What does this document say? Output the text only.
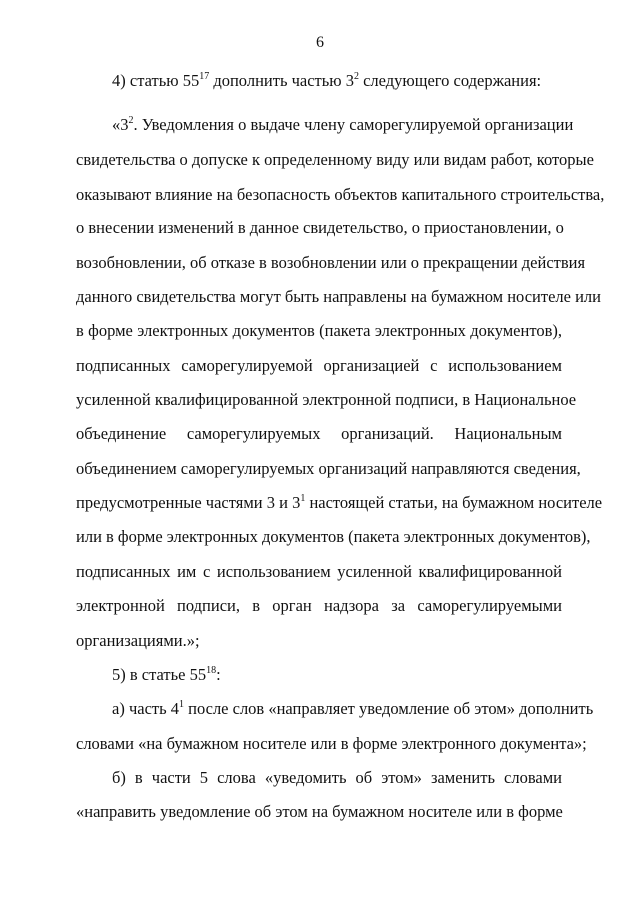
6
4) статью $55^{17}$ дополнить частью $3^2$ следующего содержания:
«$3^2$. Уведомления о выдаче члену саморегулируемой организации
свидетельства о допуске к определенному виду или видам работ, которые
оказывают влияние на безопасность объектов капитального строительства,
о внесении изменений в данное свидетельство, о приостановлении, о
возобновлении, об отказе в возобновлении или о прекращении действия
данного свидетельства могут быть направлены на бумажном носителе или
в форме электронных документов (пакета электронных документов),
подписанных саморегулируемой организацией с использованием
усиленной квалифицированной электронной подписи, в Национальное
объединение саморегулируемых организаций. Национальным
объединением саморегулируемых организаций направляются сведения,
предусмотренные частями 3 и $3^1$ настоящей статьи, на бумажном носителе
или в форме электронных документов (пакета электронных документов),
подписанных им с использованием усиленной квалифицированной
электронной подписи, в орган надзора за саморегулируемыми
организациями.»;
5) в статье $55^{18}$:
а) часть $4^1$ после слов «направляет уведомление об этом» дополнить
словами «на бумажном носителе или в форме электронного документа»;
б) в части 5 слова «уведомить об этом» заменить словами
«направить уведомление об этом на бумажном носителе или в форме
